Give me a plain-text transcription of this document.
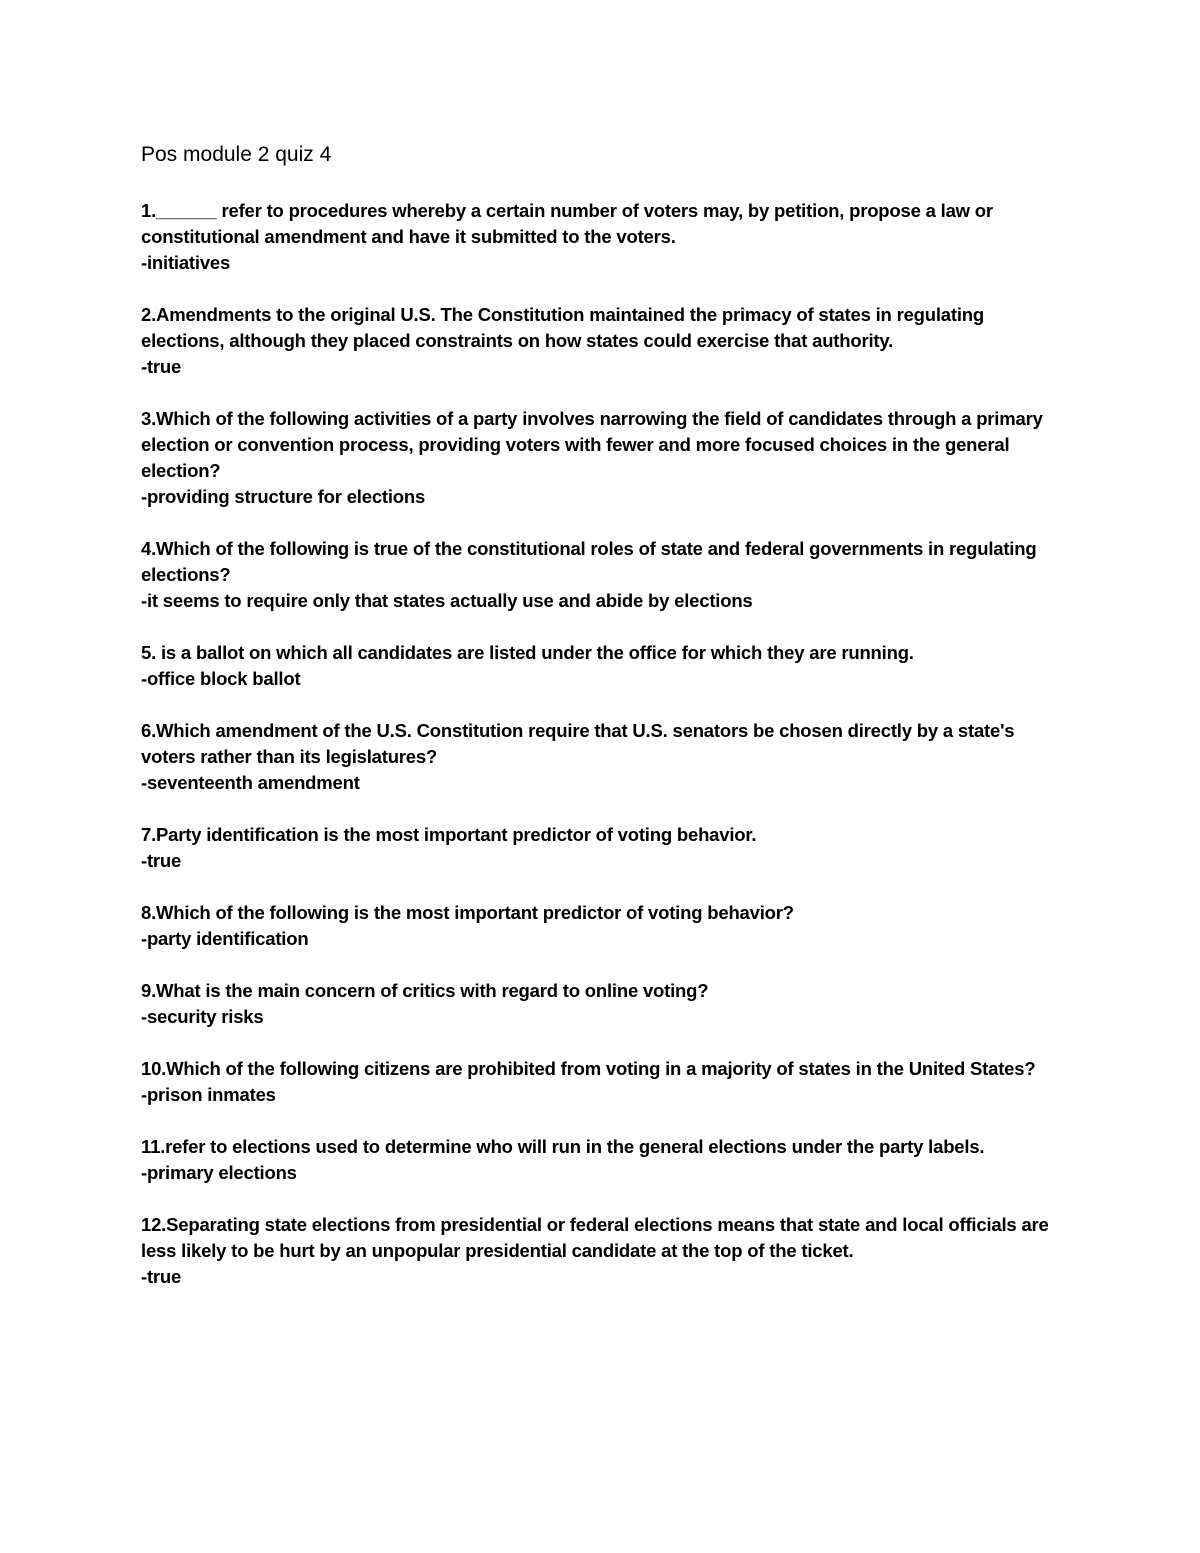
Pos module 2 quiz 4
1.______ refer to procedures whereby a certain number of voters may, by petition, propose a law or constitutional amendment and have it submitted to the voters.
-initiatives
2.Amendments to the original U.S. The Constitution maintained the primacy of states in regulating elections, although they placed constraints on how states could exercise that authority.
-true
3.Which of the following activities of a party involves narrowing the field of candidates through a primary election or convention process, providing voters with fewer and more focused choices in the general election?
-providing structure for elections
4.Which of the following is true of the constitutional roles of state and federal governments in regulating elections?
-it seems to require only that states actually use and abide by elections
5. is a ballot on which all candidates are listed under the office for which they are running.
-office block ballot
6.Which amendment of the U.S. Constitution require that U.S. senators be chosen directly by a state's voters rather than its legislatures?
-seventeenth amendment
7.Party identification is the most important predictor of voting behavior.
-true
8.Which of the following is the most important predictor of voting behavior?
-party identification
9.What is the main concern of critics with regard to online voting?
-security risks
10.Which of the following citizens are prohibited from voting in a majority of states in the United States?
-prison inmates
11.refer to elections used to determine who will run in the general elections under the party labels.
-primary elections
12.Separating state elections from presidential or federal elections means that state and local officials are less likely to be hurt by an unpopular presidential candidate at the top of the ticket.
-true
